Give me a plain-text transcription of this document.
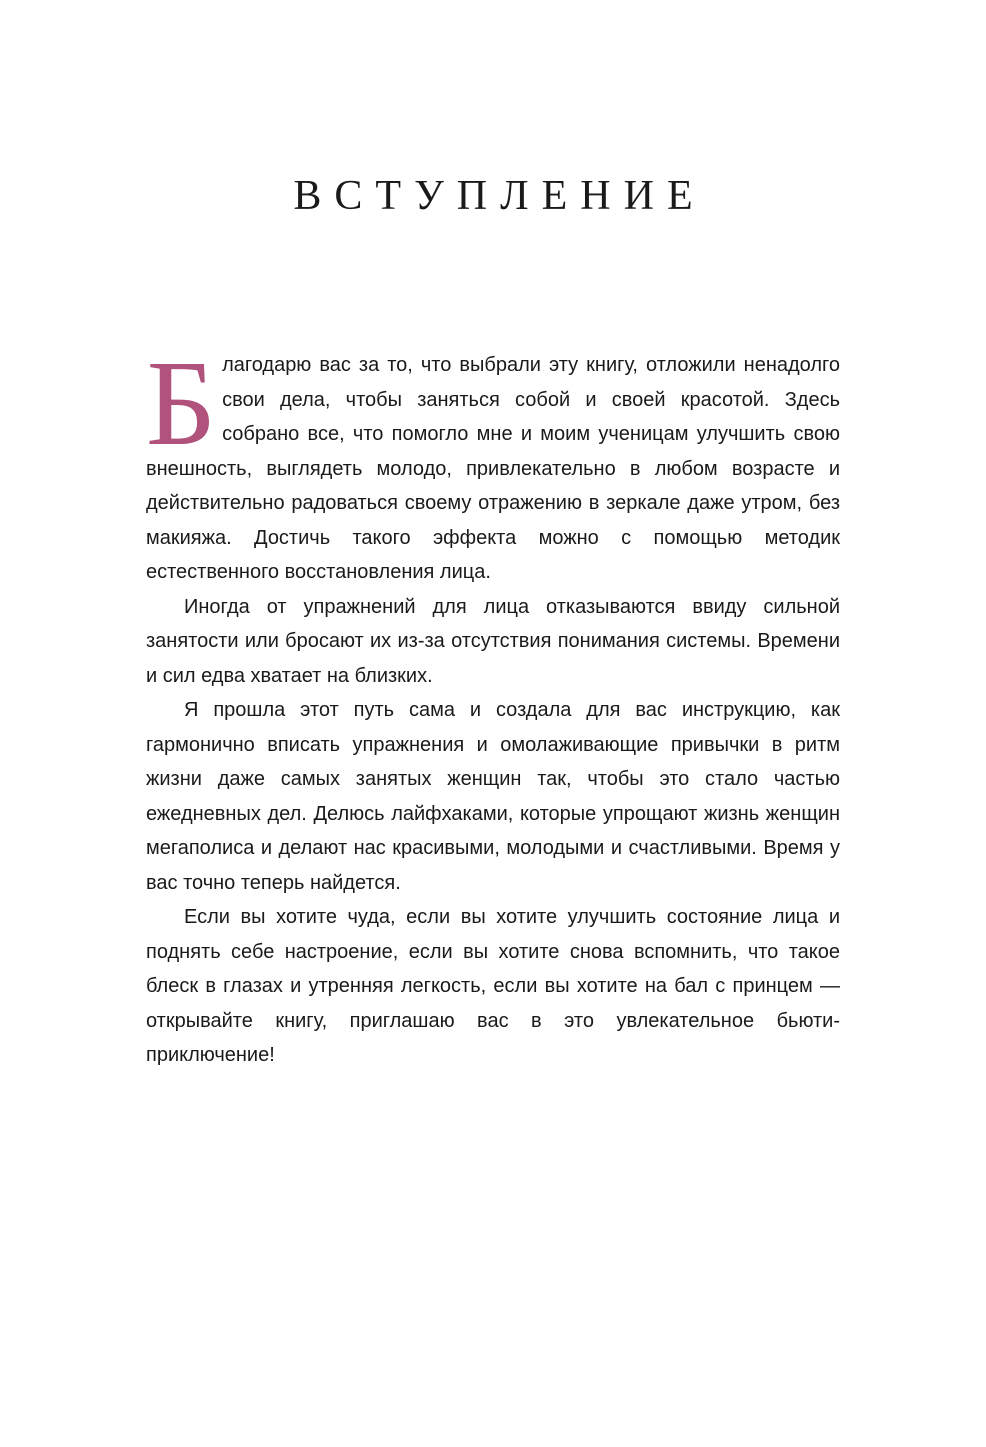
ВСТУПЛЕНИЕ

Благодарю вас за то, что выбрали эту книгу, отложили ненадолго свои дела, чтобы заняться собой и своей красотой. Здесь собрано все, что помогло мне и моим ученицам улучшить свою внешность, выглядеть молодо, привлекательно в любом возрасте и действительно радоваться своему отражению в зеркале даже утром, без макияжа. Достичь такого эффекта можно с помощью методик естественного восстановления лица.

Иногда от упражнений для лица отказываются ввиду сильной занятости или бросают их из-за отсутствия понимания системы. Времени и сил едва хватает на близких.

Я прошла этот путь сама и создала для вас инструкцию, как гармонично вписать упражнения и омолаживающие привычки в ритм жизни даже самых занятых женщин так, чтобы это стало частью ежедневных дел. Делюсь лайфхаками, которые упрощают жизнь женщин мегаполиса и делают нас красивыми, молодыми и счастливыми. Время у вас точно теперь найдется.

Если вы хотите чуда, если вы хотите улучшить состояние лица и поднять себе настроение, если вы хотите снова вспомнить, что такое блеск в глазах и утренняя легкость, если вы хотите на бал с принцем — открывайте книгу, приглашаю вас в это увлекательное бьюти-приключение!
